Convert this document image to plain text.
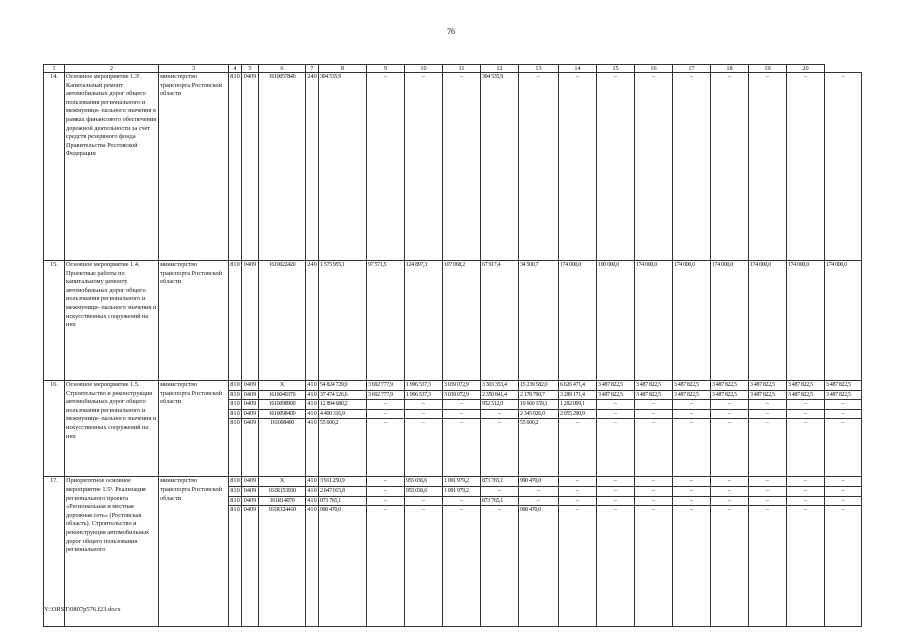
76
1	2	3	4	5	6	7	8	9	10	11	12	13	14	15	16	17	18	19	20	
14.	Основное мероприятие 1.3¹. Капитальный ремонт автомобильных дорог общего пользования регионального и межмуници- пального значения в рамках финансового обеспечения дорожной деятельности за счет средств резервного фонда Правительства Ростовской Федерации	министерство транспорта Ростовской области	810	0409	1610057840	240	304 535,9	–	–	–	304 535,9	–	–	–	–	–	–	–	–	–
15.	Основное мероприятие 1.4. Проектные работы по капитальному ремонту автомобильных дорог общего пользования регионального и межмуници- пального значения и искусственных сооружений на них	министерство транспорта Ростовской области	810	0409	1610022420	240	1 575 955,1	97 571,5	124 897,3	107 068,2	67 917,4	34 500,7	174 000,0	100 000,0	174 000,0	174 000,0	174 000,0	174 000,0	174 000,0	174 000,0
16.	Основное мероприятие 1.5. Строительство и реконструкция автомобильных дорог общего пользования регионального и межмуници- пального значения и искусственных сооружений на них	министерство транспорта Ростовской области	810	0409	X	410	54 824 729,9	3 692 777,9	1 996 537,3	3 039 072,9	3 303 353,4	15 239 582,0	6 626 471,4	3 487 822,5	3 487 822,5	3 487 822,5	3 487 822,5	3 487 822,5	3 487 822,5	3 487 822,5
			810	0409	1610040370	410	37 474 126,6	3 692 777,9	1 996 537,3	3 039 072,9	2 350 841,4	2 178 790,7	3 289 171,4	3 487 822,5	3 487 822,5	3 487 822,5	3 487 822,5	3 487 822,5	3 487 822,5	3 487 822,5
			810	0409	1610098900	410	12 894 680,2	–	–	–	952 512,0	10 660 159,1	1 282 009,1	–	–	–	–	–	–	–
			810	0409	1610098400	410	4 400 316,9	–	–	–	–	2 345 026,0	2 055 290,9	–	–	–	–	–	–	–
			810	0409	161008400	410	55 606,2	–	–	–	–	55 606,2	–	–	–	–	–	–	–	–
17.	Приоритетное основное мероприятие 1.5¹. Реализация регионального проекта «Региональная и местная дорожная сеть» (Ростовская область). Строительство и реконструкция автомобильных дорог общего пользования регионального	министерство транспорта Ростовской области	810	0409	X	410	3 911 250,9	–	955 036,6	1 091 979,2	873 765,1	990 470,0	–	–	–	–	–	–	–	–
			810	0409	161R153930	410	2 047 015,8	–	955 036,6	1 091 979,2	–	–	–	–	–	–	–	–	–	–
			810	0409	161R14070	410	873 765,1	–	–	–	873 765,1	–	–	–	–	–	–	–	–	–
			810	0409	161R124410	410	990 470,0	–	–	–	–	990 470,0	–	–	–	–	–	–	–	–
Y:\ORST\0807p576.f23.docx
